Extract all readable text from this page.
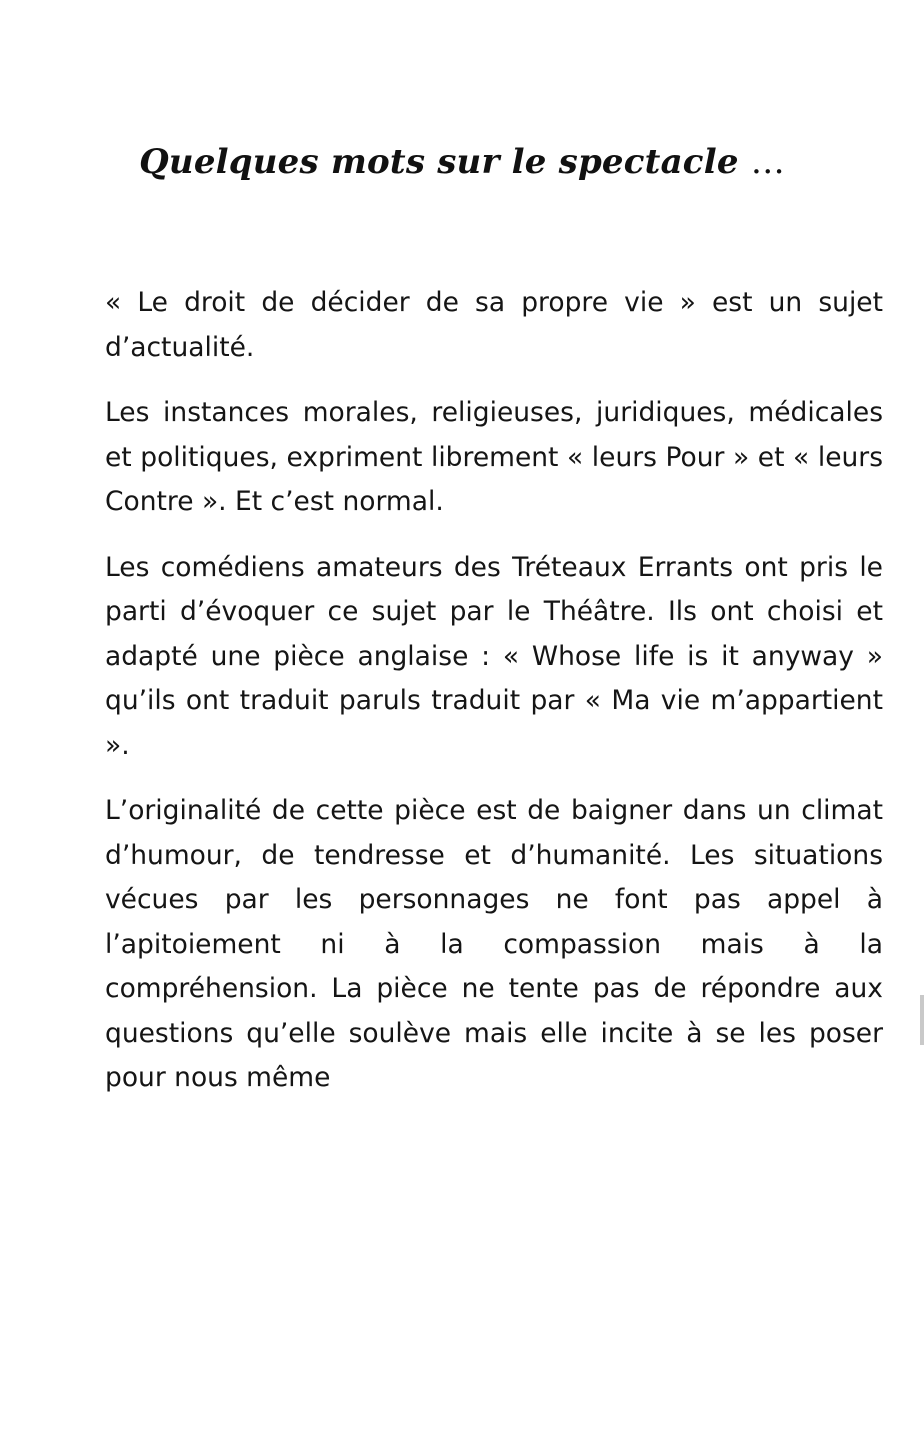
Quelques mots sur le spectacle …

« Le droit de décider de sa propre vie » est un sujet d’actualité.

Les instances morales, religieuses, juridiques, médicales et politiques, expriment librement « leurs Pour » et « leurs Contre ». Et c’est normal.

Les comédiens amateurs des Tréteaux Errants ont pris le parti d’évoquer ce sujet par le Théâtre. Ils ont choisi et adapté une pièce anglaise : « Whose life is it anyway » qu’ils ont traduit paruls traduit par « Ma vie m’appartient ».

L’originalité de cette pièce est de baigner dans un climat d’humour, de tendresse et d’humanité. Les situations vécues par les personnages ne font pas appel à l’apitoiement ni à la compassion mais à la compréhension. La pièce ne tente pas de répondre aux questions qu’elle soulève mais elle incite à se les poser pour nous même
